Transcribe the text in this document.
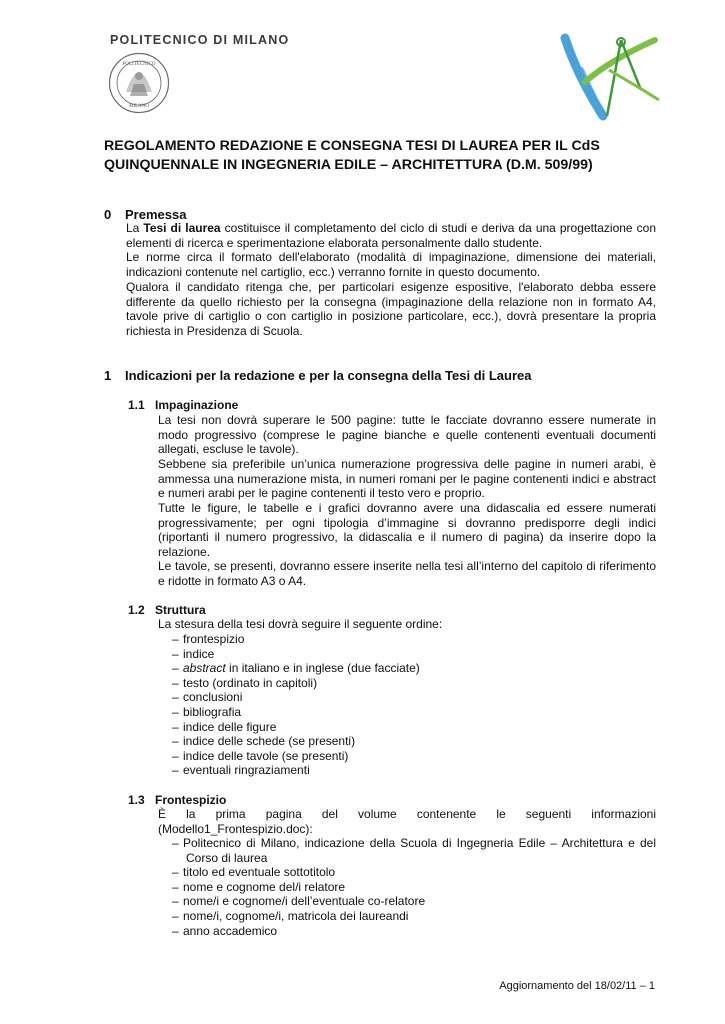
POLITECNICO DI MILANO
POLITECNICO
MILANO
REGOLAMENTO REDAZIONE E CONSEGNA TESI DI LAUREA PER IL CdS
QUINQUENNALE IN INGEGNERIA EDILE – ARCHITETTURA (D.M. 509/99)
0 Premessa
La Tesi di laurea costituisce il completamento del ciclo di studi e deriva da una progettazione con elementi di ricerca e sperimentazione elaborata personalmente dallo studente.
Le norme circa il formato dell'elaborato (modalità di impaginazione, dimensione dei materiali, indicazioni contenute nel cartiglio, ecc.) verranno fornite in questo documento.
Qualora il candidato ritenga che, per particolari esigenze espositive, l'elaborato debba essere differente da quello richiesto per la consegna (impaginazione della relazione non in formato A4, tavole prive di cartiglio o con cartiglio in posizione particolare, ecc.), dovrà presentare la propria richiesta in Presidenza di Scuola.
1 Indicazioni per la redazione e per la consegna della Tesi di Laurea
1.1 Impaginazione
La tesi non dovrà superare le 500 pagine: tutte le facciate dovranno essere numerate in modo progressivo (comprese le pagine bianche e quelle contenenti eventuali documenti allegati, escluse le tavole).
Sebbene sia preferibile un’unica numerazione progressiva delle pagine in numeri arabi, è ammessa una numerazione mista, in numeri romani per le pagine contenenti indici e abstract e numeri arabi per le pagine contenenti il testo vero e proprio.
Tutte le figure, le tabelle e i grafici dovranno avere una didascalia ed essere numerati progressivamente; per ogni tipologia d’immagine si dovranno predisporre degli indici (riportanti il numero progressivo, la didascalia e il numero di pagina) da inserire dopo la relazione.
Le tavole, se presenti, dovranno essere inserite nella tesi all’interno del capitolo di riferimento e ridotte in formato A3 o A4.
1.2 Struttura
La stesura della tesi dovrà seguire il seguente ordine:
– frontespizio
– indice
– abstract in italiano e in inglese (due facciate)
– testo (ordinato in capitoli)
– conclusioni
– bibliografia
– indice delle figure
– indice delle schede (se presenti)
– indice delle tavole (se presenti)
– eventuali ringraziamenti
1.3 Frontespizio
È la prima pagina del volume contenente le seguenti informazioni
(Modello1_Frontespizio.doc):
– Politecnico di Milano, indicazione della Scuola di Ingegneria Edile – Architettura e del
Corso di laurea
– titolo ed eventuale sottotitolo
– nome e cognome del/i relatore
– nome/i e cognome/i dell’eventuale co-relatore
– nome/i, cognome/i, matricola dei laureandi
– anno accademico
Aggiornamento del 18/02/11 – 1
